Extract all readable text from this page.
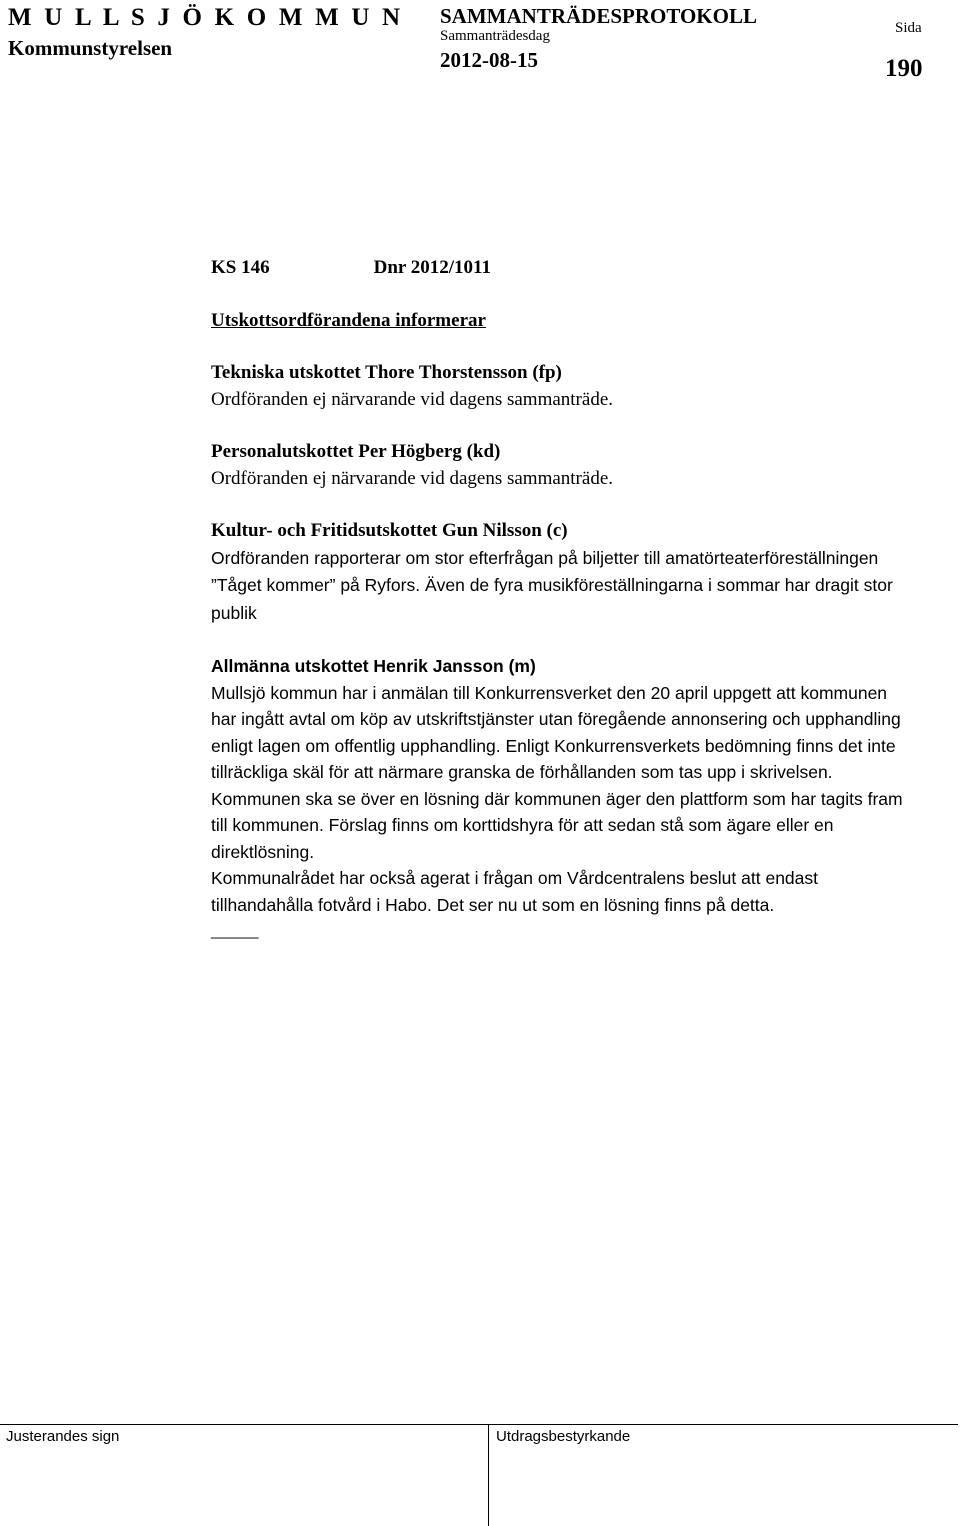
M U L L S J Ö K O M M U N

Kommunstyrelsen

SAMMANTRÄDESPROTOKOLL

Sammanträdesdag

2012-08-15

Sida

190

KS 146	Dnr 2012/1011

Utskottsordförandena informerar

Tekniska utskottet Thore Thorstensson (fp)

Ordföranden ej närvarande vid dagens sammanträde.

Personalutskottet Per Högberg (kd)

Ordföranden ej närvarande vid dagens sammanträde.

Kultur- och Fritidsutskottet Gun Nilsson (c)

Ordföranden rapporterar om stor efterfrågan på biljetter till amatörteaterföreställningen ”Tåget kommer” på Ryfors. Även de fyra musikföreställningarna i sommar har dragit stor publik

Allmänna utskottet Henrik Jansson (m)

Mullsjö kommun har i anmälan till Konkurrensverket den 20 april uppgett att kommunen har ingått avtal om köp av utskriftstjänster utan föregående annonsering och upphandling enligt lagen om offentlig upphandling. Enligt Konkurrensverkets bedömning finns det inte tillräckliga skäl för att närmare granska de förhållanden som tas upp i skrivelsen.

Kommunen ska se över en lösning där kommunen äger den plattform som har tagits fram till kommunen. Förslag finns om korttidshyra för att sedan stå som ägare eller en direktlösning.

Kommunalrådet har också agerat i frågan om Vårdcentralens beslut att endast tillhandahålla fotvård i Habo. Det ser nu ut som en lösning finns på detta.

_____

Justerandes sign	Utdragsbestyrkande
